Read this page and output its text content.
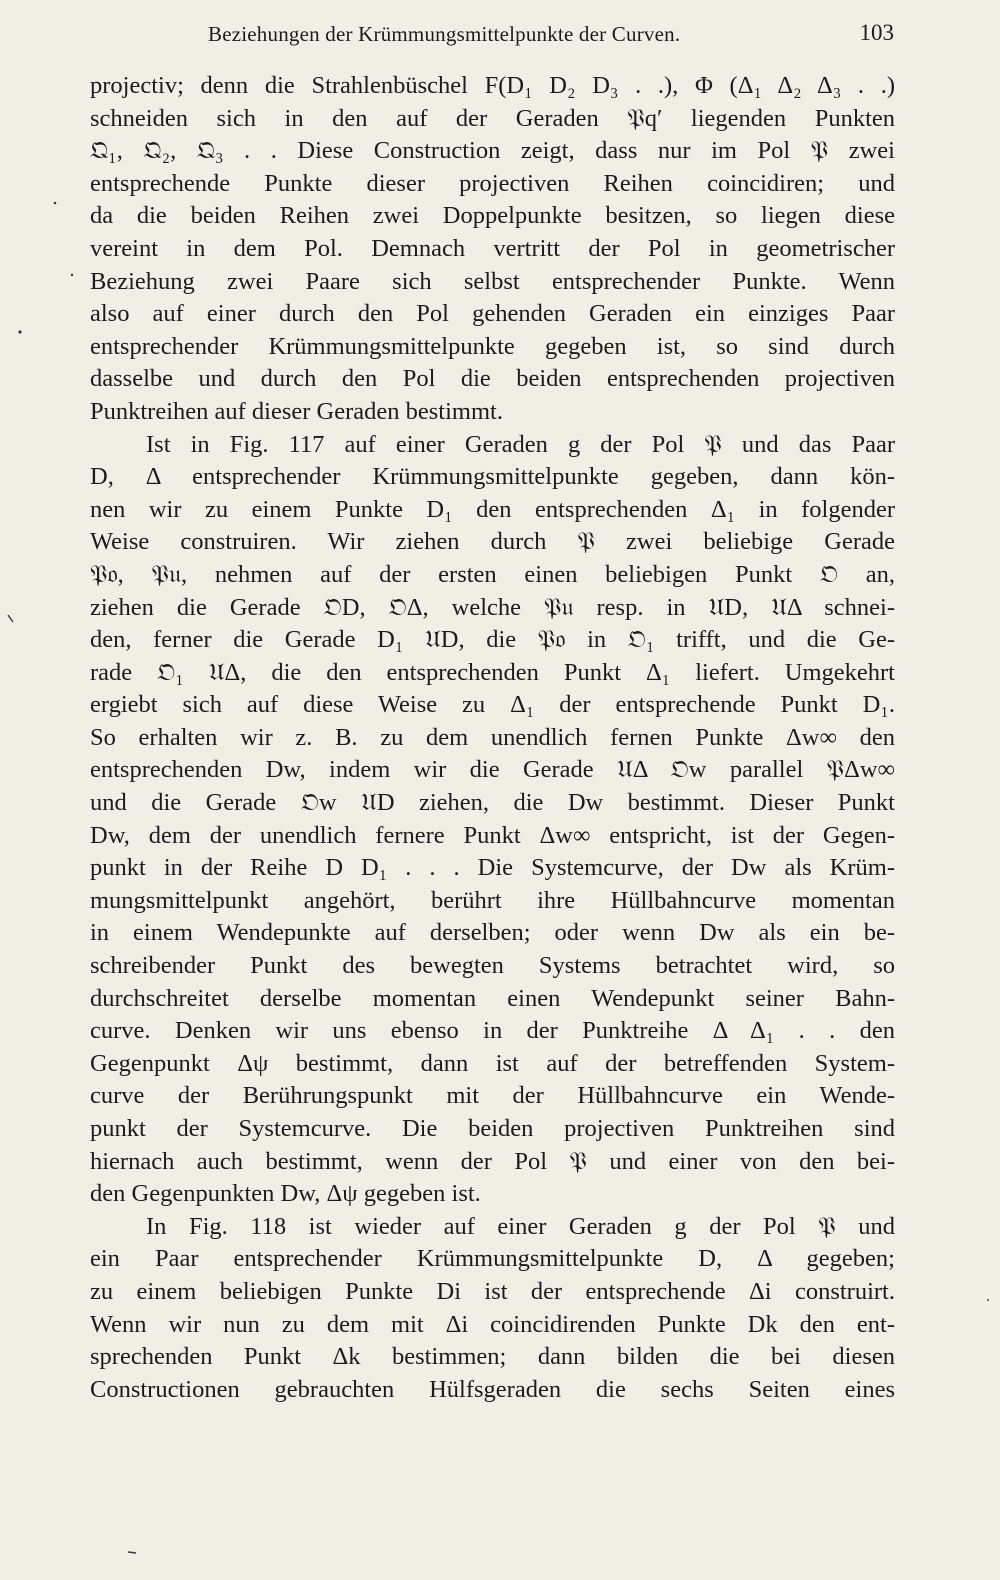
Beziehungen der Krümmungsmittelpunkte der Curven.	103
projectiv; denn die Strahlenbüschel F(D₁ D₂ D₃ . .), Φ (Δ₁ Δ₂ Δ₃ . .)
schneiden sich in den auf der Geraden 𝔓q′ liegenden Punkten
𝔔₁, 𝔔₂, 𝔔₃ . . Diese Construction zeigt, dass nur im Pol 𝔓 zwei
entsprechende Punkte dieser projectiven Reihen coincidiren; und
da die beiden Reihen zwei Doppelpunkte besitzen, so liegen diese
vereint in dem Pol. Demnach vertritt der Pol in geometrischer
Beziehung zwei Paare sich selbst entsprechender Punkte. Wenn
also auf einer durch den Pol gehenden Geraden ein einziges Paar
entsprechender Krümmungsmittelpunkte gegeben ist, so sind durch
dasselbe und durch den Pol die beiden entsprechenden projectiven
Punktreihen auf dieser Geraden bestimmt.
Ist in Fig. 117 auf einer Geraden g der Pol 𝔓 und das Paar
D, Δ entsprechender Krümmungsmittelpunkte gegeben, dann kön-
nen wir zu einem Punkte D₁ den entsprechenden Δ₁ in folgender
Weise construiren. Wir ziehen durch 𝔓 zwei beliebige Gerade
𝔓𝔬, 𝔓𝔲, nehmen auf der ersten einen beliebigen Punkt 𝔒 an,
ziehen die Gerade 𝔒D, 𝔒Δ, welche 𝔓𝔲 resp. in 𝔘D, 𝔘Δ schnei-
den, ferner die Gerade D₁ 𝔘D, die 𝔓𝔬 in 𝔒₁ trifft, und die Ge-
rade 𝔒₁ 𝔘Δ, die den entsprechenden Punkt Δ₁ liefert. Umgekehrt
ergiebt sich auf diese Weise zu Δ₁ der entsprechende Punkt D₁.
So erhalten wir z. B. zu dem unendlich fernen Punkte Δw∞ den
entsprechenden Dw, indem wir die Gerade 𝔘Δ 𝔒w parallel 𝔓Δw∞
und die Gerade 𝔒w 𝔘D ziehen, die Dw bestimmt. Dieser Punkt
Dw, dem der unendlich fernere Punkt Δw∞ entspricht, ist der Gegen-
punkt in der Reihe D D₁ . . . Die Systemcurve, der Dw als Krüm-
mungsmittelpunkt angehört, berührt ihre Hüllbahncurve momentan
in einem Wendepunkte auf derselben; oder wenn Dw als ein be-
schreibender Punkt des bewegten Systems betrachtet wird, so
durchschreitet derselbe momentan einen Wendepunkt seiner Bahn-
curve. Denken wir uns ebenso in der Punktreihe Δ Δ₁ . . den
Gegenpunkt Δψ bestimmt, dann ist auf der betreffenden System-
curve der Berührungspunkt mit der Hüllbahncurve ein Wende-
punkt der Systemcurve. Die beiden projectiven Punktreihen sind
hiernach auch bestimmt, wenn der Pol 𝔓 und einer von den bei-
den Gegenpunkten Dw, Δψ gegeben ist.
In Fig. 118 ist wieder auf einer Geraden g der Pol 𝔓 und
ein Paar entsprechender Krümmungsmittelpunkte D, Δ gegeben;
zu einem beliebigen Punkte Di ist der entsprechende Δi construirt.
Wenn wir nun zu dem mit Δi coincidirenden Punkte Dk den ent-
sprechenden Punkt Δk bestimmen; dann bilden die bei diesen
Constructionen gebrauchten Hülfsgeraden die sechs Seiten eines
